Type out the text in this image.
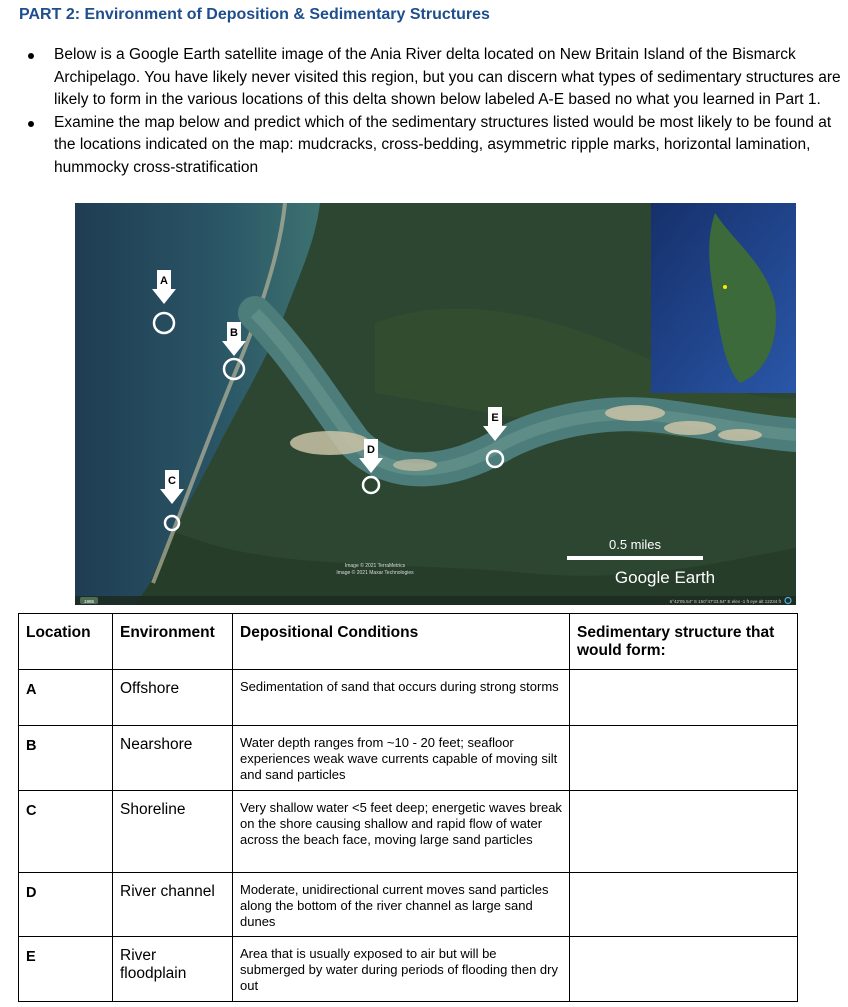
PART 2: Environment of Deposition & Sedimentary Structures
Below is a Google Earth satellite image of the Ania River delta located on New Britain Island of the Bismarck Archipelago. You have likely never visited this region, but you can discern what types of sedimentary structures are likely to form in the various locations of this delta shown below labeled A-E based no what you learned in Part 1.
Examine the map below and predict which of the sedimentary structures listed would be most likely to be found at the locations indicated on the map: mudcracks, cross-bedding, asymmetric ripple marks, horizontal lamination, hummocky cross-stratification
A
B
C
D
E
0.5 miles
Image © 2021 TerraMetrics
Image © 2021 Maxar Technologies	Google Earth
1985	6°42'05.54" S 150°47'33.54" E elev -1 ft eye alt 12234 ft
Location	Environment	Depositional Conditions	Sedimentary structure that would form:
A	Offshore	Sedimentation of sand that occurs during strong storms	
B	Nearshore	Water depth ranges from ~10 - 20 feet; seafloor experiences weak wave currents capable of moving silt and sand particles	
C	Shoreline	Very shallow water <5 feet deep; energetic waves break on the shore causing shallow and rapid flow of water across the beach face, moving large sand particles	
D	River channel	Moderate, unidirectional current moves sand particles along the bottom of the river channel as large sand dunes	
E	River floodplain	Area that is usually exposed to air but will be submerged by water during periods of flooding then dry out	
